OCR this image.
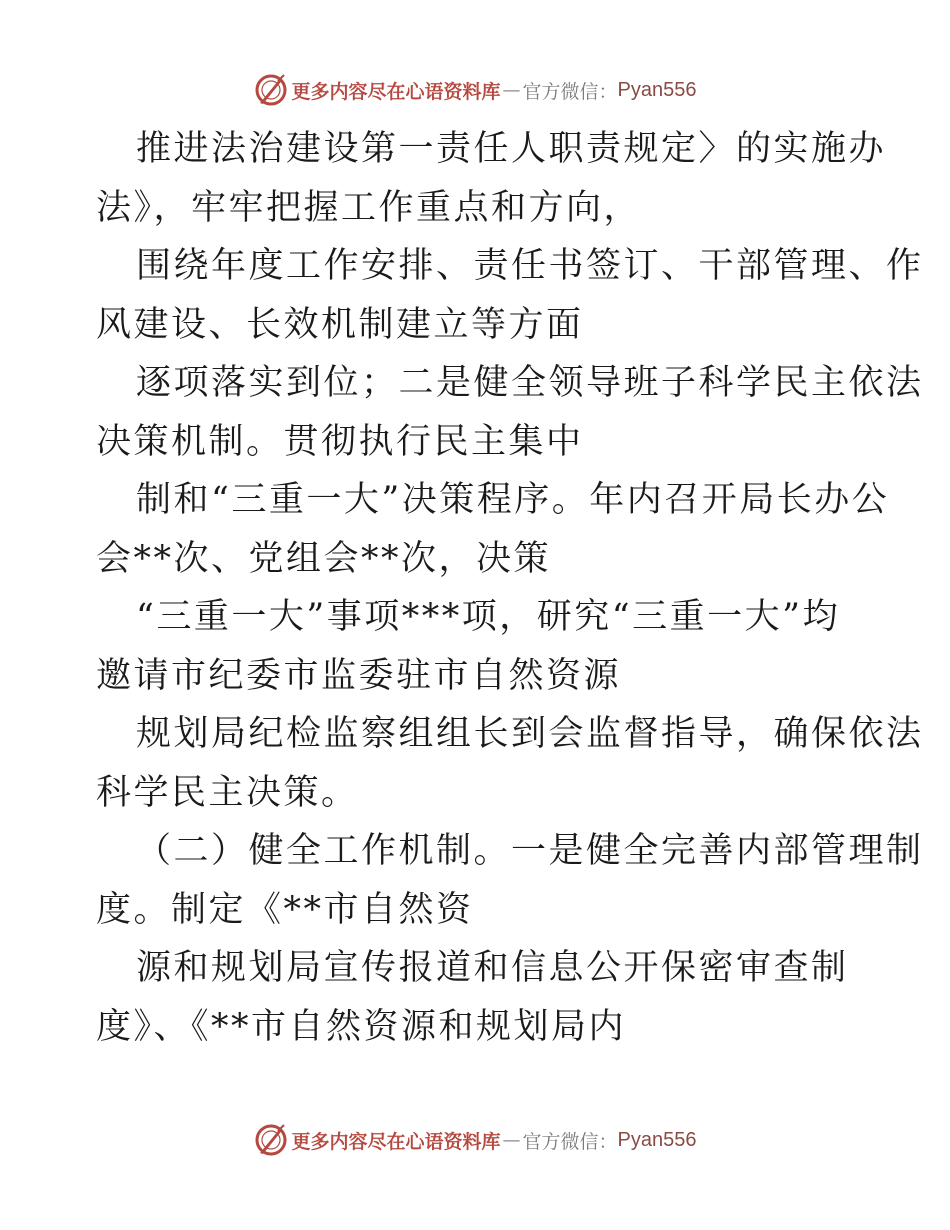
更多内容尽在心语资料库 — 官方微信： Pyan556
推进法治建设第一责任人职责规定〉的实施办
法》，牢牢把握工作重点和方向，
围绕年度工作安排、责任书签订、干部管理、作
风建设、长效机制建立等方面
逐项落实到位；二是健全领导班子科学民主依法
决策机制。贯彻执行民主集中
制和“三重一大”决策程序。年内召开局长办公
会**次、党组会**次，决策
“三重一大”事项***项，研究“三重一大”均
邀请市纪委市监委驻市自然资源
规划局纪检监察组组长到会监督指导，确保依法
科学民主决策。
（二）健全工作机制。一是健全完善内部管理制
度。制定《**市自然资
源和规划局宣传报道和信息公开保密审查制
度》、《**市自然资源和规划局内
更多内容尽在心语资料库 — 官方微信： Pyan556
